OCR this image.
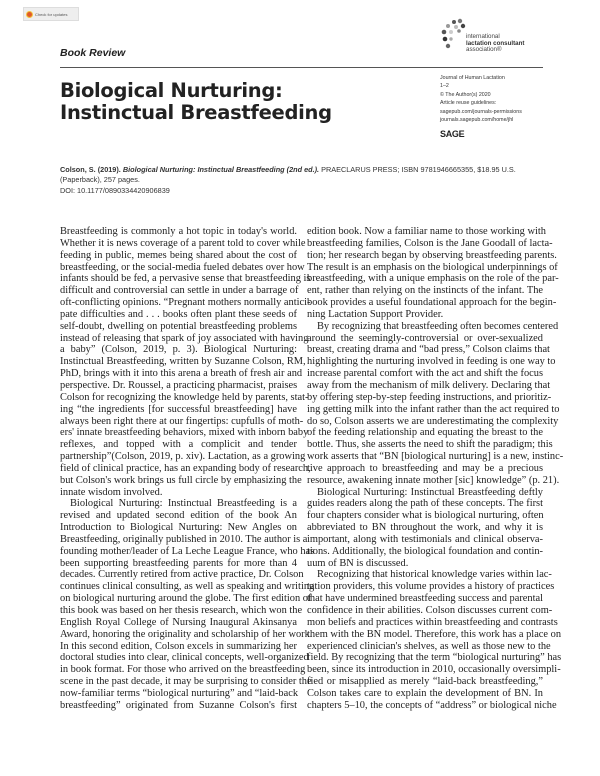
Check for updates
Book Review
Biological Nurturing: Instinctual Breastfeeding
international
lactation consultant
association®
Journal of Human Lactation
1–2
© The Author(s) 2020
Article reuse guidelines:
sagepub.com/journals-permissions
journals.sagepub.com/home/jhl
SAGE
Colson, S. (2019). Biological Nurturing: Instinctual Breastfeeding (2nd ed.). PRAECLARUS PRESS; ISBN 9781946665355, $18.95 U.S. (Paperback), 257 pages.
DOI: 10.1177/0890334420906839
Breastfeeding is commonly a hot topic in today's world.
Whether it is news coverage of a parent told to cover while
feeding in public, memes being shared about the cost of
breastfeeding, or the social-media fueled debates over how
infants should be fed, a pervasive sense that breastfeeding is
difficult and controversial can settle in under a barrage of
oft-conflicting opinions. “Pregnant mothers normally antici-
pate difficulties and . . . books often plant these seeds of
self-doubt, dwelling on potential breastfeeding problems
instead of releasing that spark of joy associated with having
a baby” (Colson, 2019, p. 3). Biological Nurturing:
Instinctual Breastfeeding, written by Suzanne Colson, RM,
PhD, brings with it into this arena a breath of fresh air and
perspective. Dr. Roussel, a practicing pharmacist, praises
Colson for recognizing the knowledge held by parents, stat-
ing “the ingredients [for successful breastfeeding] have
always been right there at our fingertips: cupfulls of moth-
ers' innate breastfeeding behaviors, mixed with inborn baby
reflexes, and topped with a complicit and tender
partnership”(Colson, 2019, p. xiv). Lactation, as a growing
field of clinical practice, has an expanding body of research,
but Colson's work brings us full circle by emphasizing the
innate wisdom involved.
Biological Nurturing: Instinctual Breastfeeding is a
revised and updated second edition of the book An
Introduction to Biological Nurturing: New Angles on
Breastfeeding, originally published in 2010. The author is a
founding mother/leader of La Leche League France, who has
been supporting breastfeeding parents for more than 4
decades. Currently retired from active practice, Dr. Colson
continues clinical consulting, as well as speaking and writing
on biological nurturing around the globe. The first edition of
this book was based on her thesis research, which won the
English Royal College of Nursing Inaugural Akinsanya
Award, honoring the originality and scholarship of her work.
In this second edition, Colson excels in summarizing her
doctoral studies into clear, clinical concepts, well-organized
in book format. For those who arrived on the breastfeeding
scene in the past decade, it may be surprising to consider the
now-familiar terms “biological nurturing” and “laid-back
breastfeeding” originated from Suzanne Colson's first
edition book. Now a familiar name to those working with
breastfeeding families, Colson is the Jane Goodall of lacta-
tion; her research began by observing breastfeeding parents.
The result is an emphasis on the biological underpinnings of
breastfeeding, with a unique emphasis on the role of the par-
ent, rather than relying on the instincts of the infant. The
book provides a useful foundational approach for the begin-
ning Lactation Support Provider.
By recognizing that breastfeeding often becomes centered
around the seemingly-controversial or over-sexualized
breast, creating drama and “bad press,” Colson claims that
highlighting the nurturing involved in feeding is one way to
increase parental comfort with the act and shift the focus
away from the mechanism of milk delivery. Declaring that
by offering step-by-step feeding instructions, and prioritiz-
ing getting milk into the infant rather than the act required to
do so, Colson asserts we are underestimating the complexity
of the feeding relationship and equating the breast to the
bottle. Thus, she asserts the need to shift the paradigm; this
work asserts that “BN [biological nurturing] is a new, instinc-
tive approach to breastfeeding and may be a precious
resource, awakening innate mother [sic] knowledge” (p. 21).
Biological Nurturing: Instinctual Breastfeeding deftly
guides readers along the path of these concepts. The first
four chapters consider what is biological nurturing, often
abbreviated to BN throughout the work, and why it is
important, along with testimonials and clinical observa-
tions. Additionally, the biological foundation and contin-
uum of BN is discussed.
Recognizing that historical knowledge varies within lac-
tation providers, this volume provides a history of practices
that have undermined breastfeeding success and parental
confidence in their abilities. Colson discusses current com-
mon beliefs and practices within breastfeeding and contrasts
them with the BN model. Therefore, this work has a place on
experienced clinician's shelves, as well as those new to the
field. By recognizing that the term “biological nurturing” has
been, since its introduction in 2010, occasionally oversimpli-
fied or misapplied as merely “laid-back breastfeeding,”
Colson takes care to explain the development of BN. In
chapters 5–10, the concepts of “address” or biological niche
